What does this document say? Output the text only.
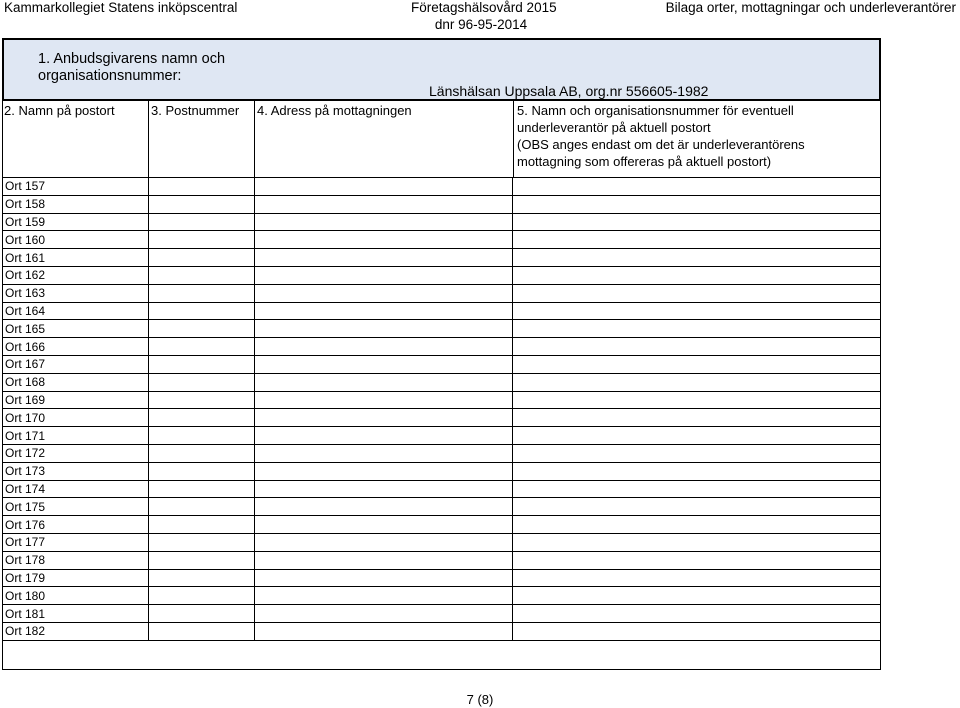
Kammarkollegiet Statens inköpscentral	Företagshälsovård 2015
dnr 96-95-2014
Bilaga orter, mottagningar och underleverantörer
1. Anbudsgivarens namn och
organisationsnummer:
Länshälsan Uppsala AB, org.nr 556605-1982
2. Namn på postort	3. Postnummer 4. Adress på mottagningen	5. Namn och organisationsnummer för eventuell
underleverantör på aktuell postort
(OBS anges endast om det är underleverantörens
mottagning som offereras på aktuell postort)
Ort 157			
Ort 158			
Ort 159			
Ort 160			
Ort 161			
Ort 162			
Ort 163			
Ort 164			
Ort 165			
Ort 166			
Ort 167			
Ort 168			
Ort 169			
Ort 170			
Ort 171			
Ort 172			
Ort 173			
Ort 174			
Ort 175			
Ort 176			
Ort 177			
Ort 178			
Ort 179			
Ort 180			
Ort 181			
Ort 182			
7 (8)
